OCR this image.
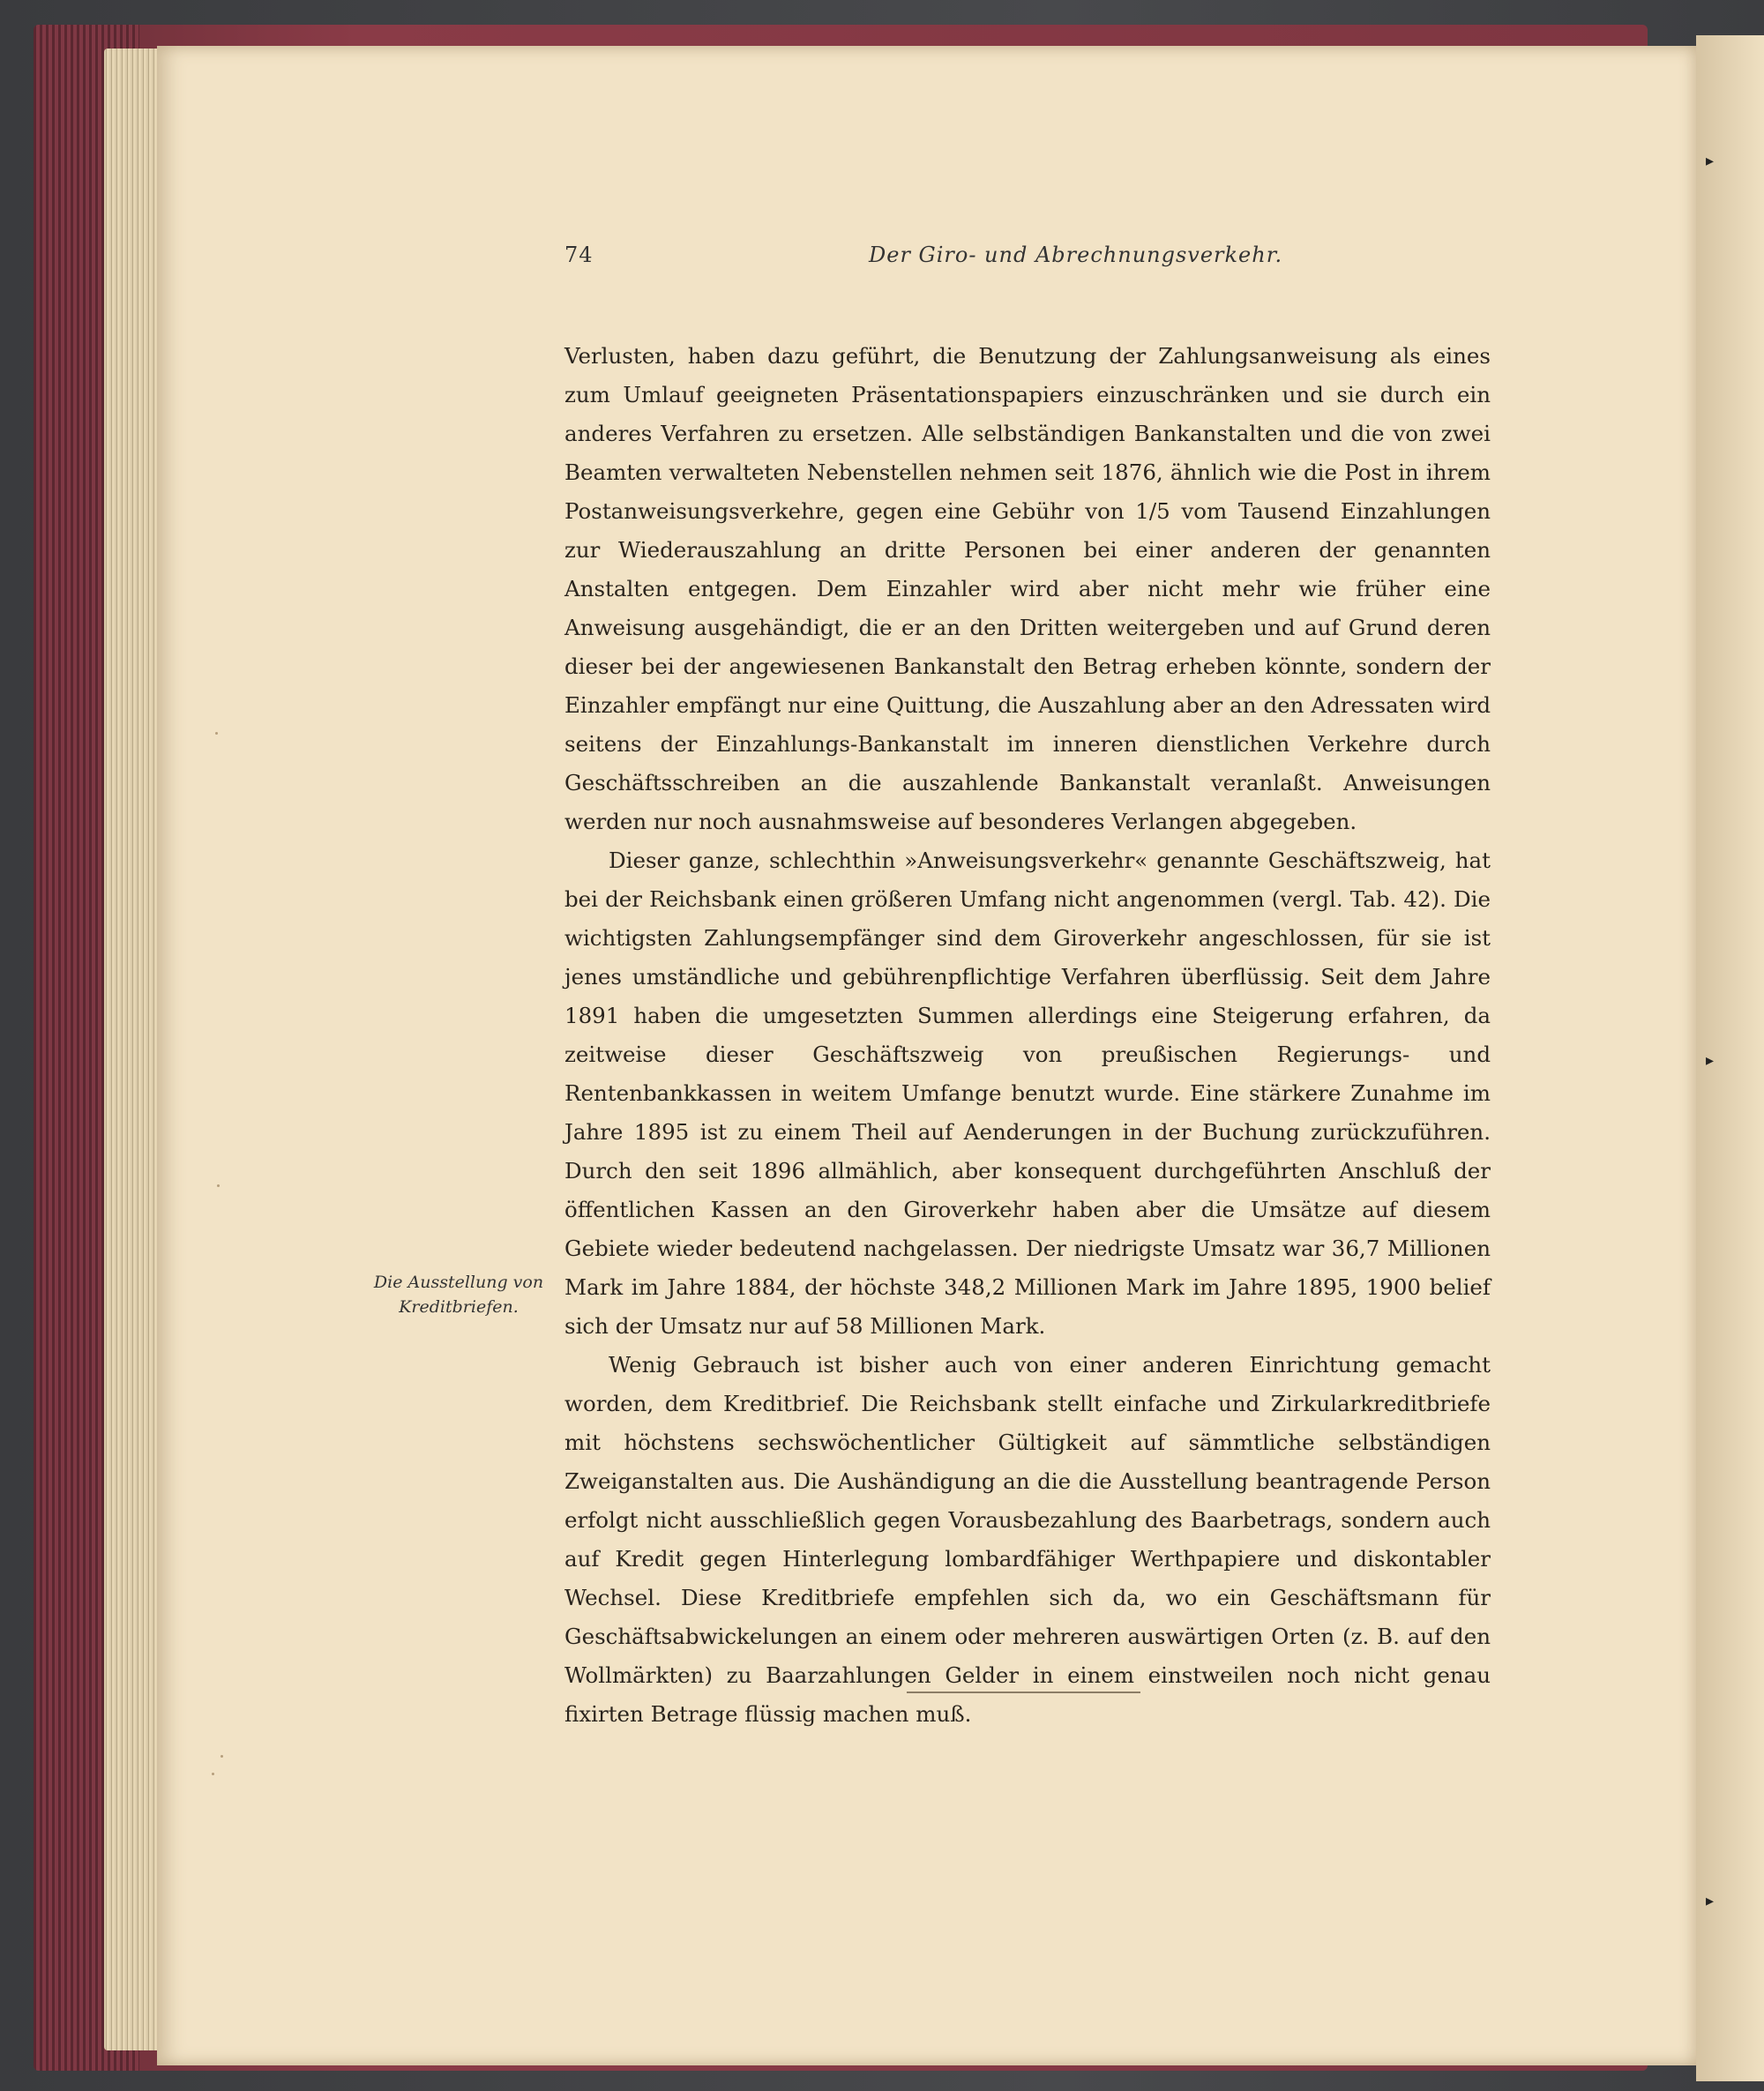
▸
▸
▸
74	Der Giro- und Abrechnungsverkehr.
Die Ausstellung von Kreditbriefen.

Verlusten, haben dazu geführt, die Benutzung der Zahlungsanweisung als eines zum Umlauf geeigneten Präsentationspapiers einzuschränken und sie durch ein anderes Verfahren zu ersetzen. Alle selbständigen Bankanstalten und die von zwei Beamten verwalteten Nebenstellen nehmen seit 1876, ähnlich wie die Post in ihrem Postanweisungsverkehre, gegen eine Gebühr von 1/5 vom Tausend Einzahlungen zur Wiederauszahlung an dritte Personen bei einer anderen der genannten Anstalten entgegen. Dem Einzahler wird aber nicht mehr wie früher eine Anweisung ausgehändigt, die er an den Dritten weitergeben und auf Grund deren dieser bei der angewiesenen Bankanstalt den Betrag erheben könnte, sondern der Einzahler empfängt nur eine Quittung, die Auszahlung aber an den Adressaten wird seitens der Einzahlungs-Bankanstalt im inneren dienstlichen Verkehre durch Geschäftsschreiben an die auszahlende Bankanstalt veranlaßt. Anweisungen werden nur noch ausnahmsweise auf besonderes Verlangen abgegeben.

Dieser ganze, schlechthin »Anweisungsverkehr« genannte Geschäftszweig, hat bei der Reichsbank einen größeren Umfang nicht angenommen (vergl. Tab. 42). Die wichtigsten Zahlungsempfänger sind dem Giroverkehr angeschlossen, für sie ist jenes umständliche und gebührenpflichtige Verfahren überflüssig. Seit dem Jahre 1891 haben die umgesetzten Summen allerdings eine Steigerung erfahren, da zeitweise dieser Geschäftszweig von preußischen Regierungs- und Rentenbankkassen in weitem Umfange benutzt wurde. Eine stärkere Zunahme im Jahre 1895 ist zu einem Theil auf Aenderungen in der Buchung zurückzuführen. Durch den seit 1896 allmählich, aber konsequent durchgeführten Anschluß der öffentlichen Kassen an den Giroverkehr haben aber die Umsätze auf diesem Gebiete wieder bedeutend nachgelassen. Der niedrigste Umsatz war 36,7 Millionen Mark im Jahre 1884, der höchste 348,2 Millionen Mark im Jahre 1895, 1900 belief sich der Umsatz nur auf 58 Millionen Mark.

Wenig Gebrauch ist bisher auch von einer anderen Einrichtung gemacht worden, dem Kreditbrief. Die Reichsbank stellt einfache und Zirkularkreditbriefe mit höchstens sechswöchentlicher Gültigkeit auf sämmtliche selbständigen Zweiganstalten aus. Die Aushändigung an die die Ausstellung beantragende Person erfolgt nicht ausschließlich gegen Vorausbezahlung des Baarbetrags, sondern auch auf Kredit gegen Hinterlegung lombardfähiger Werthpapiere und diskontabler Wechsel. Diese Kreditbriefe empfehlen sich da, wo ein Geschäftsmann für Geschäftsabwickelungen an einem oder mehreren auswärtigen Orten (z. B. auf den Wollmärkten) zu Baarzahlungen Gelder in einem einstweilen noch nicht genau fixirten Betrage flüssig machen muß.
